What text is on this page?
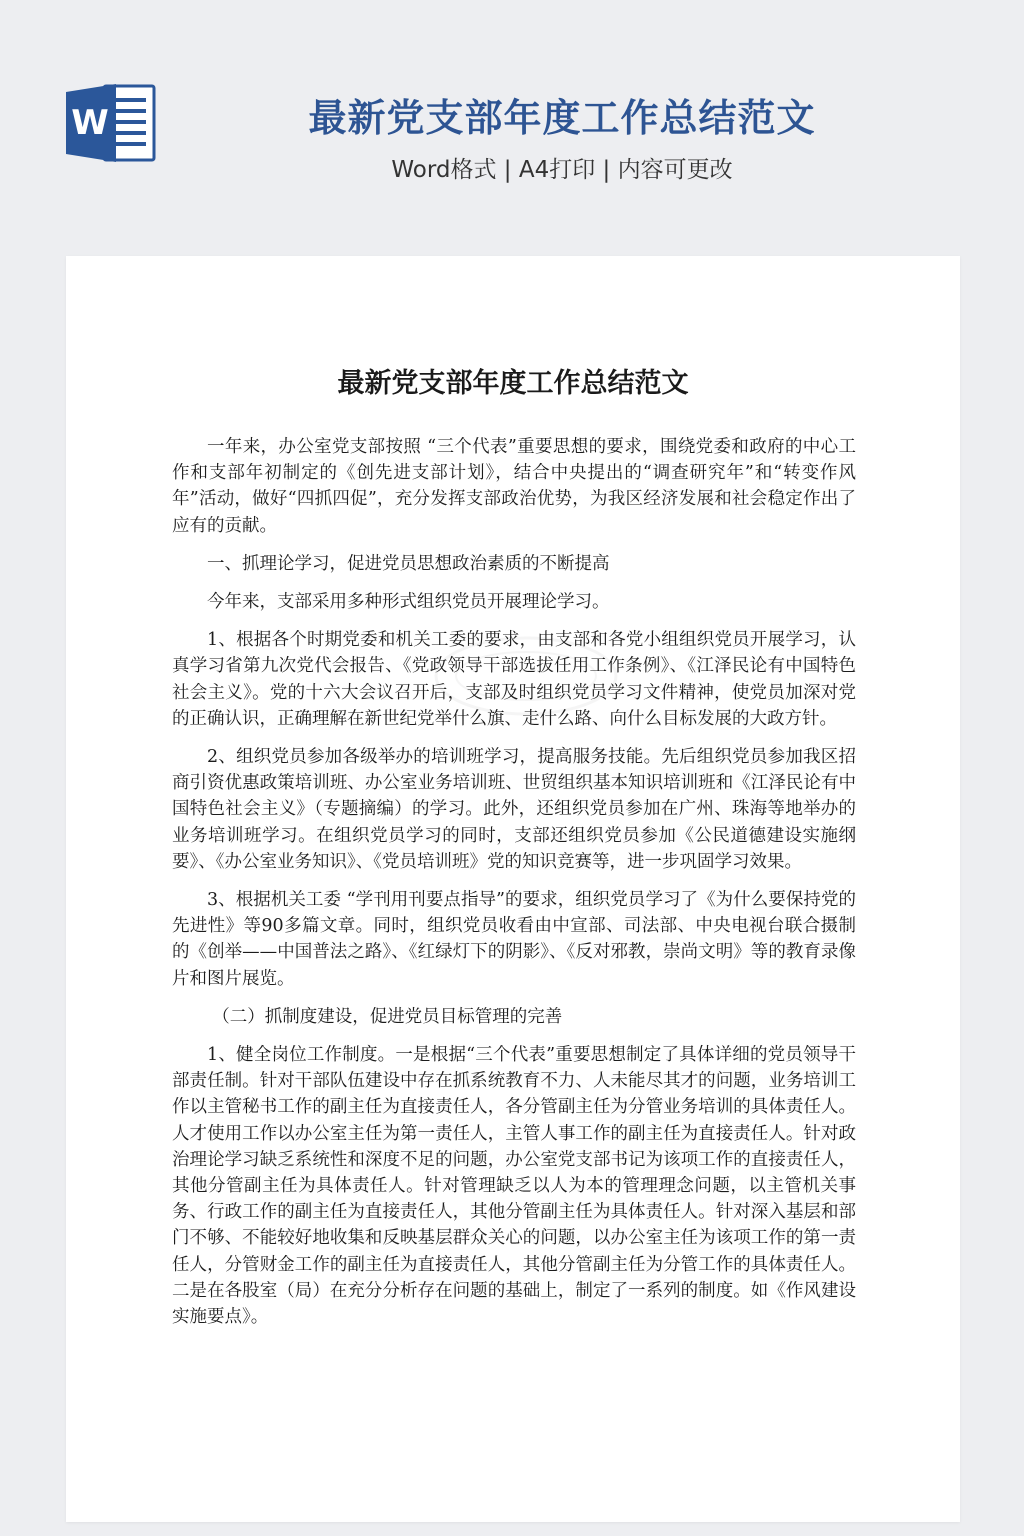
W	最新党支部年度工作总结范文
Word格式 | A4打印 | 内容可更改
最新党支部年度工作总结范文

一年来，办公室党支部按照 “三个代表”重要思想的要求，围绕党委和政府的中心工作和支部年初制定的《创先进支部计划》，结合中央提出的“调查研究年”和“转变作风年”活动，做好“四抓四促”，充分发挥支部政治优势，为我区经济发展和社会稳定作出了应有的贡献。

一、抓理论学习，促进党员思想政治素质的不断提高

今年来，支部采用多种形式组织党员开展理论学习。

1、根据各个时期党委和机关工委的要求，由支部和各党小组组织党员开展学习，认真学习省第九次党代会报告、《党政领导干部选拔任用工作条例》、《江泽民论有中国特色社会主义》。党的十六大会议召开后，支部及时组织党员学习文件精神，使党员加深对党的正确认识，正确理解在新世纪党举什么旗、走什么路、向什么目标发展的大政方针。

2、组织党员参加各级举办的培训班学习，提高服务技能。先后组织党员参加我区招商引资优惠政策培训班、办公室业务培训班、世贸组织基本知识培训班和《江泽民论有中国特色社会主义》（专题摘编）的学习。此外，还组织党员参加在广州、珠海等地举办的业务培训班学习。在组织党员学习的同时，支部还组织党员参加《公民道德建设实施纲要》、《办公室业务知识》、《党员培训班》党的知识竞赛等，进一步巩固学习效果。

3、根据机关工委 “学刊用刊要点指导”的要求，组织党员学习了《为什么要保持党的先进性》等90多篇文章。同时，组织党员收看由中宣部、司法部、中央电视台联合摄制的《创举——中国普法之路》、《红绿灯下的阴影》、《反对邪教，崇尚文明》等的教育录像片和图片展览。

（二）抓制度建设，促进党员目标管理的完善

1、健全岗位工作制度。一是根据“三个代表”重要思想制定了具体详细的党员领导干部责任制。针对干部队伍建设中存在抓系统教育不力、人未能尽其才的问题，业务培训工作以主管秘书工作的副主任为直接责任人，各分管副主任为分管业务培训的具体责任人。人才使用工作以办公室主任为第一责任人，主管人事工作的副主任为直接责任人。针对政治理论学习缺乏系统性和深度不足的问题，办公室党支部书记为该项工作的直接责任人，其他分管副主任为具体责任人。针对管理缺乏以人为本的管理理念问题，以主管机关事务、行政工作的副主任为直接责任人，其他分管副主任为具体责任人。针对深入基层和部门不够、不能较好地收集和反映基层群众关心的问题，以办公室主任为该项工作的第一责任人，分管财金工作的副主任为直接责任人，其他分管副主任为分管工作的具体责任人。二是在各股室（局）在充分分析存在问题的基础上，制定了一系列的制度。如《作风建设实施要点》。
